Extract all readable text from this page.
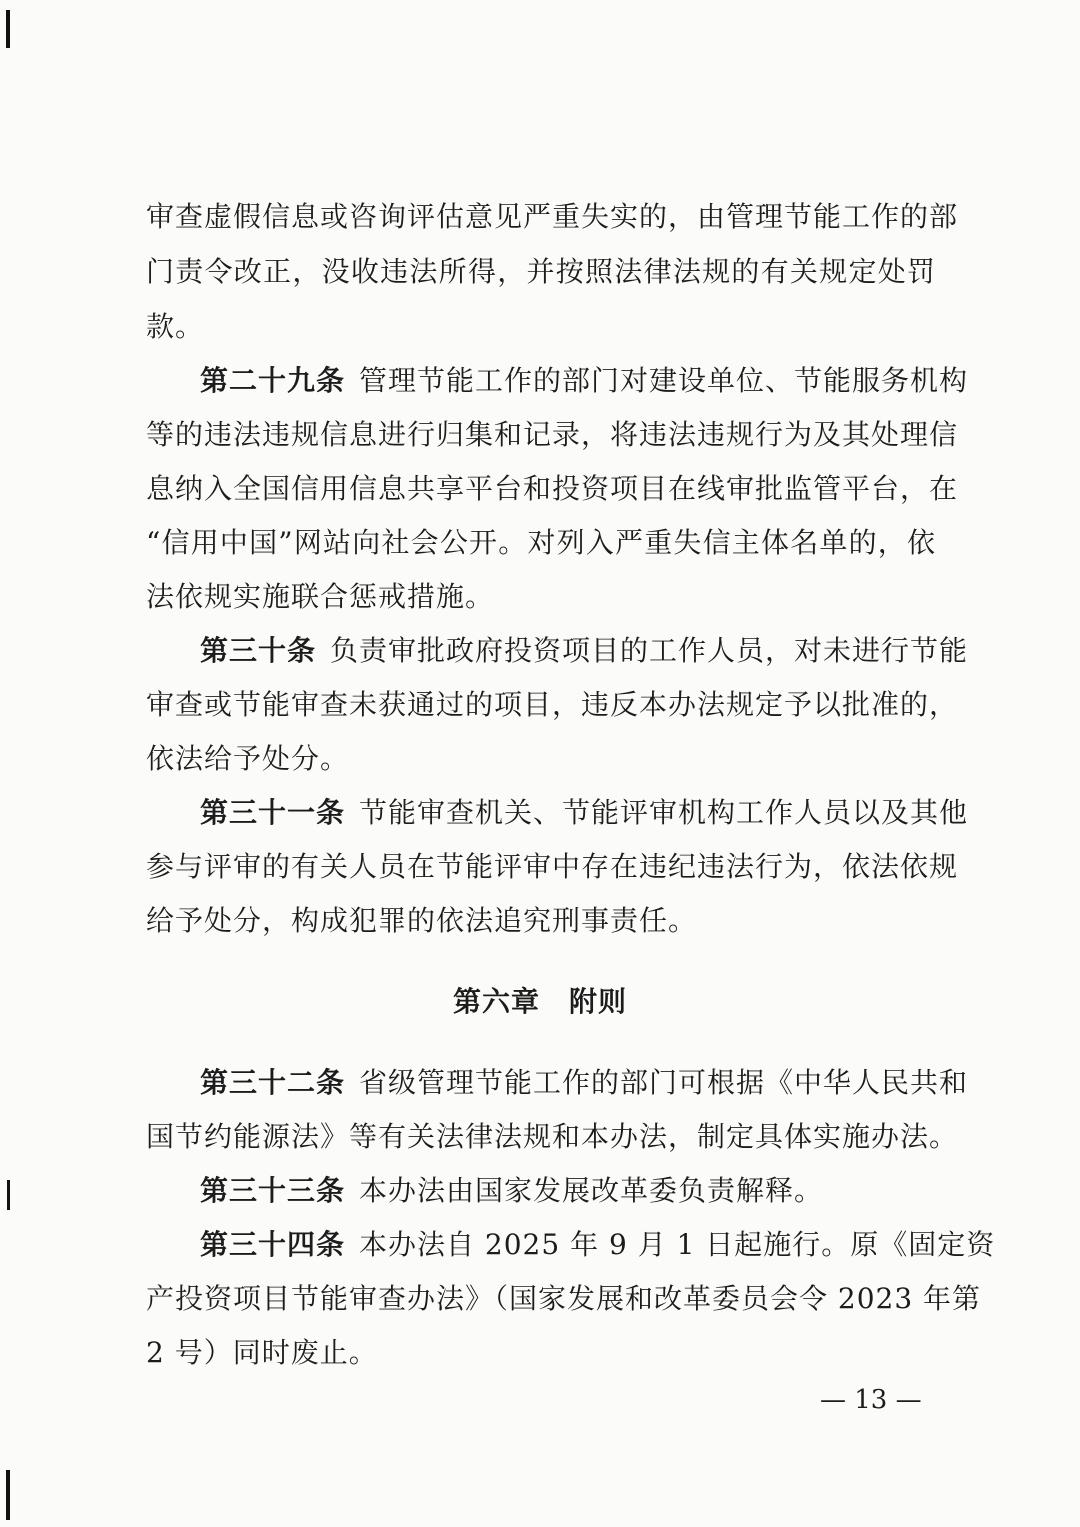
审查虚假信息或咨询评估意见严重失实的，由管理节能工作的部
门责令改正，没收违法所得，并按照法律法规的有关规定处罚
款。
第二十九条 管理节能工作的部门对建设单位、节能服务机构
等的违法违规信息进行归集和记录，将违法违规行为及其处理信
息纳入全国信用信息共享平台和投资项目在线审批监管平台，在
“信用中国”网站向社会公开。对列入严重失信主体名单的，依
法依规实施联合惩戒措施。
第三十条 负责审批政府投资项目的工作人员，对未进行节能
审查或节能审查未获通过的项目，违反本办法规定予以批准的，
依法给予处分。
第三十一条 节能审查机关、节能评审机构工作人员以及其他
参与评审的有关人员在节能评审中存在违纪违法行为，依法依规
给予处分，构成犯罪的依法追究刑事责任。
第六章　附则
第三十二条 省级管理节能工作的部门可根据《中华人民共和
国节约能源法》等有关法律法规和本办法，制定具体实施办法。
第三十三条 本办法由国家发展改革委负责解释。
第三十四条 本办法自 2025 年 9 月 1 日起施行。原《固定资
产投资项目节能审查办法》（国家发展和改革委员会令 2023 年第
2 号）同时废止。
— 13 —
